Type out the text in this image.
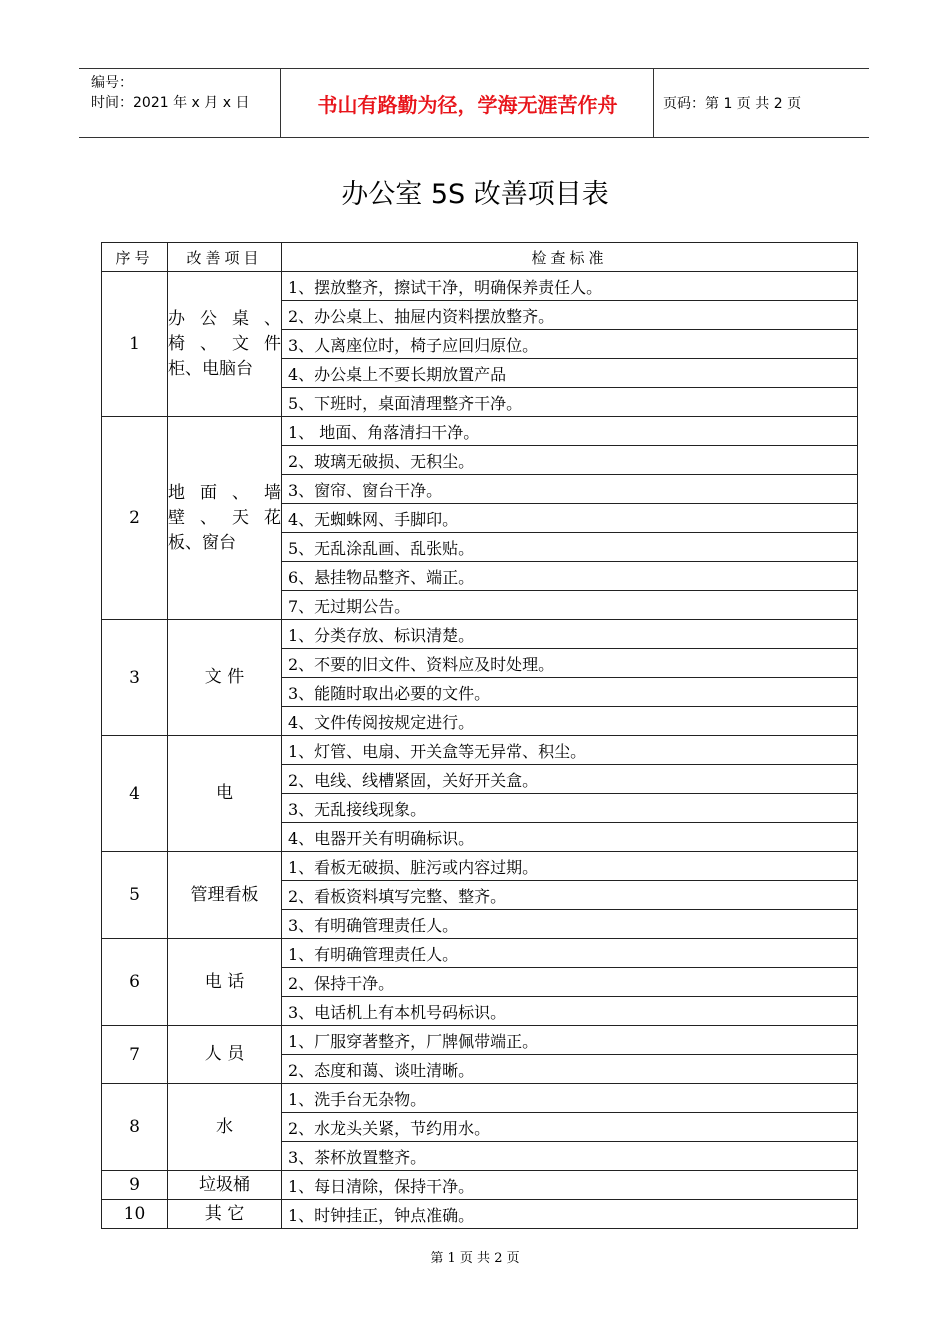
编号：
时间：2021 年 x 月 x 日	书山有路勤为径，学海无涯苦作舟	页码：第 1 页 共 2 页
办公室 5S 改善项目表
序号	改善项目	检查标准
1	办 公 桌 、
椅 、 文 件
柜、电脑台	1、摆放整齐，擦试干净，明确保养责任人。
		2、办公桌上、抽屉内资料摆放整齐。
		3、人离座位时，椅子应回归原位。
		4、办公桌上不要长期放置产品
		5、下班时，桌面清理整齐干净。
2	地 面 、 墙
壁 、 天 花
板、窗台	1、 地面、角落清扫干净。
		2、玻璃无破损、无积尘。
		3、窗帘、窗台干净。
		4、无蜘蛛网、手脚印。
		5、无乱涂乱画、乱张贴。
		6、悬挂物品整齐、端正。
		7、无过期公告。
3	文 件	1、分类存放、标识清楚。
		2、不要的旧文件、资料应及时处理。
		3、能随时取出必要的文件。
		4、文件传阅按规定进行。
4	电	1、灯管、电扇、开关盒等无异常、积尘。
		2、电线、线槽紧固，关好开关盒。
		3、无乱接线现象。
		4、电器开关有明确标识。
5	管理看板	1、看板无破损、脏污或内容过期。
		2、看板资料填写完整、整齐。
		3、有明确管理责任人。
6	电 话	1、有明确管理责任人。
		2、保持干净。
		3、电话机上有本机号码标识。
7	人 员	1、厂服穿著整齐，厂牌佩带端正。
		2、态度和蔼、谈吐清晰。
8	水	1、洗手台无杂物。
		2、水龙头关紧，节约用水。
		3、茶杯放置整齐。
9	垃圾桶	1、每日清除，保持干净。
10	其 它	1、时钟挂正，钟点准确。
第 1 页 共 2 页
